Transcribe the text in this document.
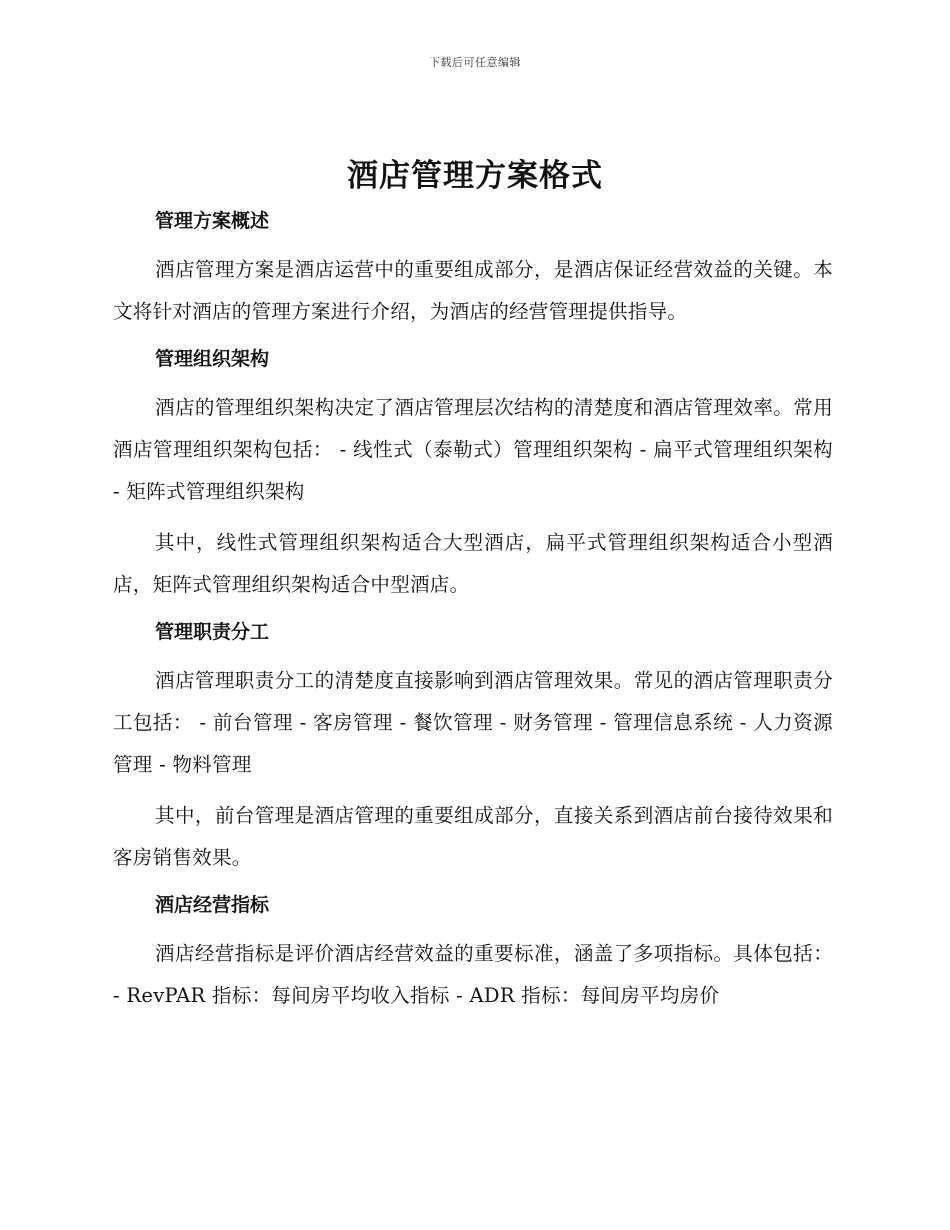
下载后可任意编辑
酒店管理方案格式
管理方案概述

酒店管理方案是酒店运营中的重要组成部分，是酒店保证经营效益的关键。本文将针对酒店的管理方案进行介绍，为酒店的经营管理提供指导。

管理组织架构

酒店的管理组织架构决定了酒店管理层次结构的清楚度和酒店管理效率。常用酒店管理组织架构包括： - 线性式（泰勒式）管理组织架构 - 扁平式管理组织架构 - 矩阵式管理组织架构

其中，线性式管理组织架构适合大型酒店，扁平式管理组织架构适合小型酒店，矩阵式管理组织架构适合中型酒店。

管理职责分工

酒店管理职责分工的清楚度直接影响到酒店管理效果。常见的酒店管理职责分工包括： - 前台管理 - 客房管理 - 餐饮管理 - 财务管理 - 管理信息系统 - 人力资源管理 - 物料管理

其中，前台管理是酒店管理的重要组成部分，直接关系到酒店前台接待效果和客房销售效果。

酒店经营指标

酒店经营指标是评价酒店经营效益的重要标准，涵盖了多项指标。具体包括： - RevPAR 指标：每间房平均收入指标 - ADR 指标：每间房平均房价
